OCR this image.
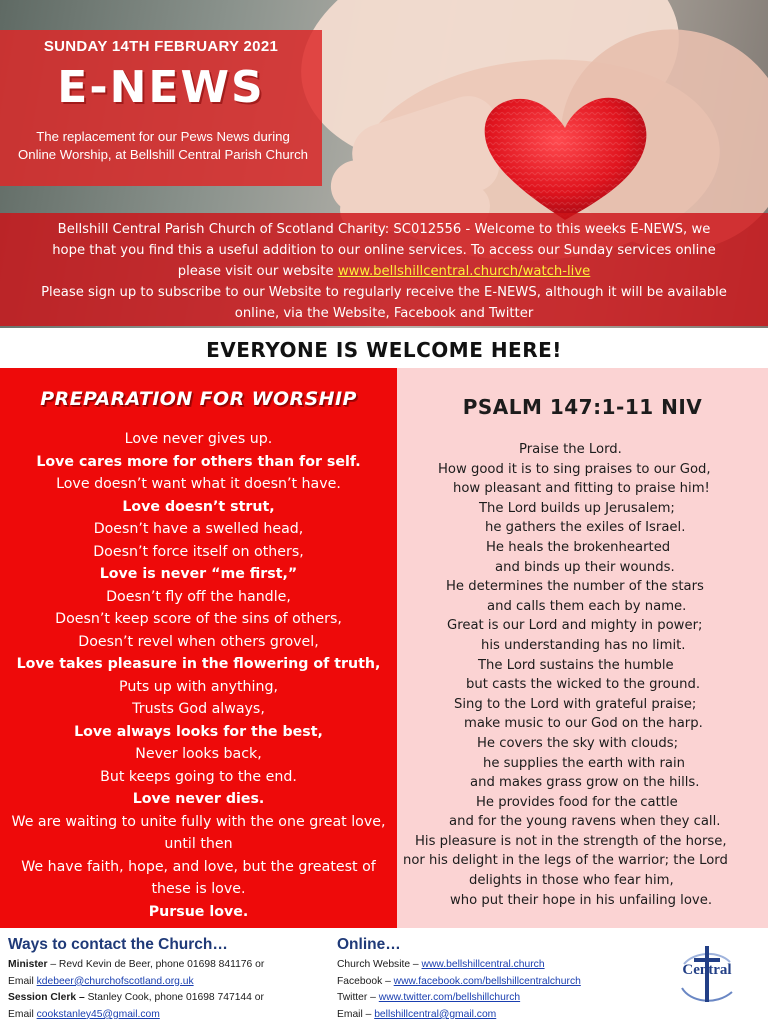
SUNDAY 14TH FEBRUARY 2021
E-NEWS
The replacement for our Pews News during
Online Worship, at Bellshill Central Parish Church
Bellshill Central Parish Church of Scotland Charity: SC012556 - Welcome to this weeks E-NEWS, we
hope that you find this a useful addition to our online services. To access our Sunday services online
please visit our website www.bellshillcentral.church/watch-live
Please sign up to subscribe to our Website to regularly receive the E-NEWS, although it will be available
online, via the Website, Facebook and Twitter
EVERYONE IS WELCOME HERE!
PREPARATION FOR WORSHIP
Love never gives up.
Love cares more for others than for self.
Love doesn’t want what it doesn’t have.
Love doesn’t strut,
Doesn’t have a swelled head,
Doesn’t force itself on others,
Love is never “me first,”
Doesn’t fly off the handle,
Doesn’t keep score of the sins of others,
Doesn’t revel when others grovel,
Love takes pleasure in the flowering of truth,
Puts up with anything,
Trusts God always,
Love always looks for the best,
Never looks back,
But keeps going to the end.
Love never dies.
We are waiting to unite fully with the one great love, until then
We have faith, hope, and love, but the greatest of these is love.
Pursue love.
PSALM 147:1-11 NIV
Praise the Lord.
How good it is to sing praises to our God,
how pleasant and fitting to praise him!
The Lord builds up Jerusalem;
he gathers the exiles of Israel.
He heals the brokenhearted
and binds up their wounds.
He determines the number of the stars
and calls them each by name.
Great is our Lord and mighty in power;
his understanding has no limit.
The Lord sustains the humble
but casts the wicked to the ground.
Sing to the Lord with grateful praise;
make music to our God on the harp.
He covers the sky with clouds;
he supplies the earth with rain
and makes grass grow on the hills.
He provides food for the cattle
and for the young ravens when they call.
His pleasure is not in the strength of the horse,
nor his delight in the legs of the warrior; the Lord
delights in those who fear him,
who put their hope in his unfailing love.
Ways to contact the Church…
Minister – Revd Kevin de Beer, phone 01698 841176 or
Email kdebeer@churchofscotland.org.uk
Session Clerk – Stanley Cook, phone 01698 747144 or
Email cookstanley45@gmail.com
Online…
Church Website – www.bellshillcentral.church
Facebook – www.facebook.com/bellshillcentralchurch
Twitter – www.twitter.com/bellshillchurch
Email – bellshillcentral@gmail.com
Central
